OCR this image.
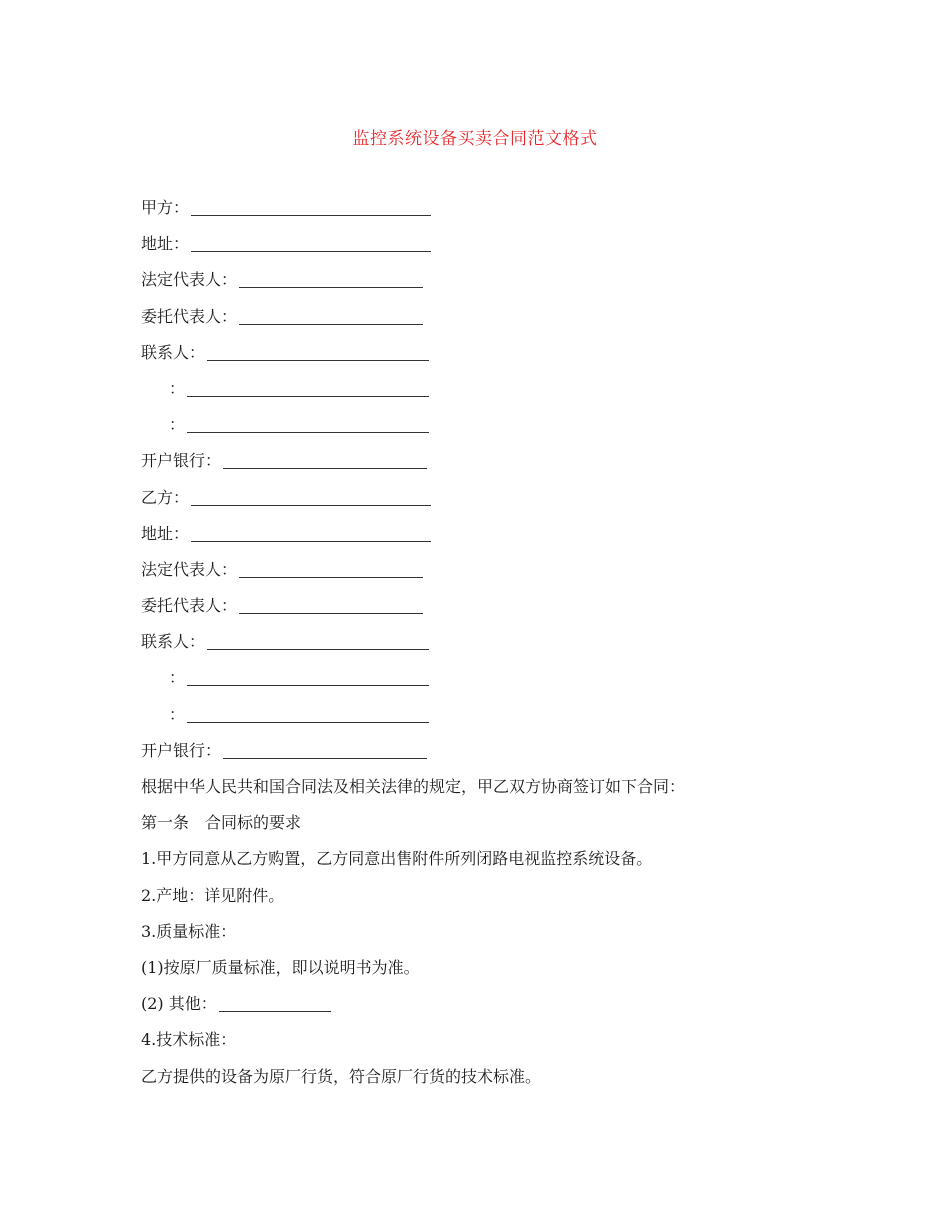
监控系统设备买卖合同范文格式
甲方：
地址：
法定代表人：
委托代表人：
联系人：
：
：
开户银行：
乙方：
地址：
法定代表人：
委托代表人：
联系人：
：
：
开户银行：
根据中华人民共和国合同法及相关法律的规定，甲乙双方协商签订如下合同：
第一条　合同标的要求
1.甲方同意从乙方购置，乙方同意出售附件所列闭路电视监控系统设备。
2.产地：详见附件。
3.质量标准：
(1)按原厂质量标准，即以说明书为准。
(2) 其他：
4.技术标准：
乙方提供的设备为原厂行货，符合原厂行货的技术标准。
